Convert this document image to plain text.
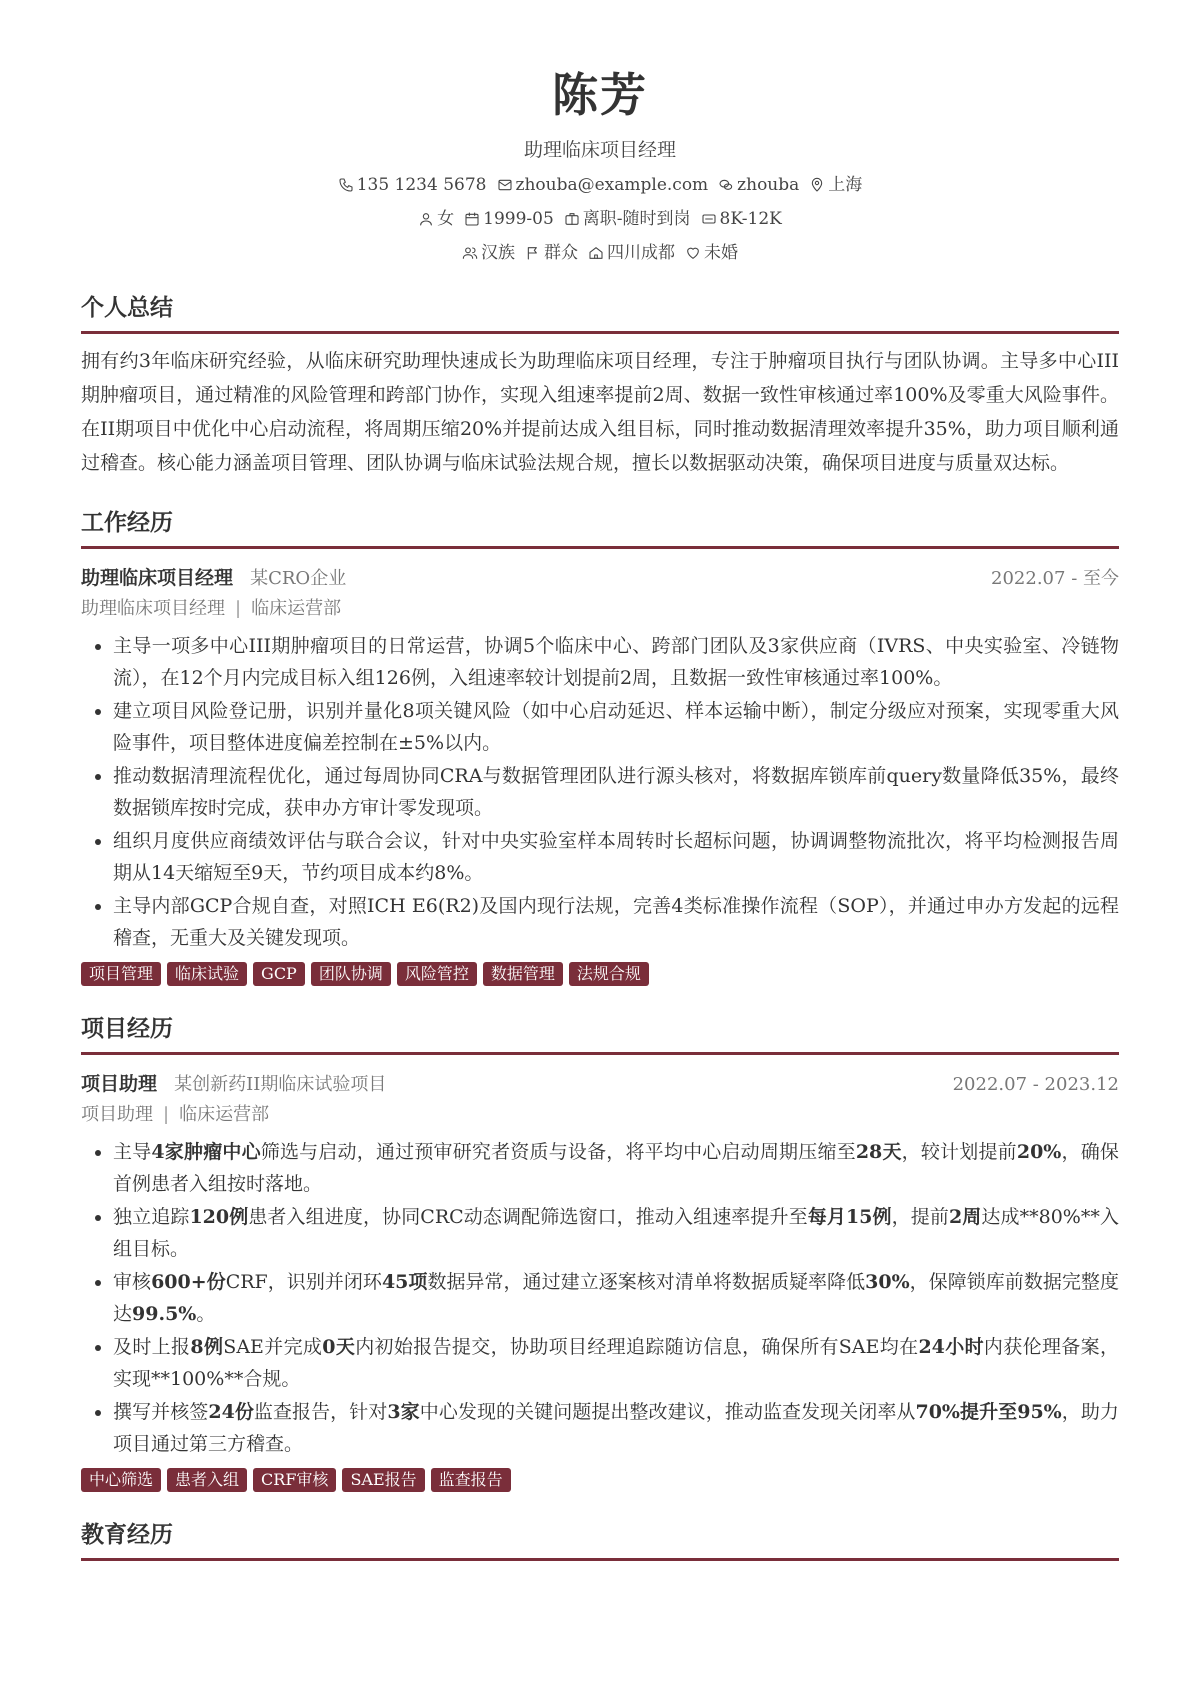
陈芳
助理临床项目经理
135 1234 5678 zhouba@example.com zhouba 上海
女 1999-05 离职-随时到岗 8K-12K
汉族 群众 四川成都 未婚
个人总结
拥有约3年临床研究经验，从临床研究助理快速成长为助理临床项目经理，专注于肿瘤项目执行与团队协调。主导多中心III期肿瘤项目，通过精准的风险管理和跨部门协作，实现入组速率提前2周、数据一致性审核通过率100%及零重大风险事件。在II期项目中优化中心启动流程，将周期压缩20%并提前达成入组目标，同时推动数据清理效率提升35%，助力项目顺利通过稽查。核心能力涵盖项目管理、团队协调与临床试验法规合规，擅长以数据驱动决策，确保项目进度与质量双达标。
工作经历
助理临床项目经理 某CRO企业	2022.07 - 至今
助理临床项目经理 | 临床运营部
• 主导一项多中心III期肿瘤项目的日常运营，协调5个临床中心、跨部门团队及3家供应商（IVRS、中央实验室、冷链物流），在12个月内完成目标入组126例，入组速率较计划提前2周，且数据一致性审核通过率100%。
• 建立项目风险登记册，识别并量化8项关键风险（如中心启动延迟、样本运输中断），制定分级应对预案，实现零重大风险事件，项目整体进度偏差控制在±5%以内。
• 推动数据清理流程优化，通过每周协同CRA与数据管理团队进行源头核对，将数据库锁库前query数量降低35%，最终数据锁库按时完成，获申办方审计零发现项。
• 组织月度供应商绩效评估与联合会议，针对中央实验室样本周转时长超标问题，协调调整物流批次，将平均检测报告周期从14天缩短至9天，节约项目成本约8%。
• 主导内部GCP合规自查，对照ICH E6(R2)及国内现行法规，完善4类标准操作流程（SOP），并通过申办方发起的远程稽查，无重大及关键发现项。
项目管理	临床试验	GCP	团队协调	风险管控	数据管理	法规合规
项目经历
项目助理 某创新药II期临床试验项目	2022.07 - 2023.12
项目助理 | 临床运营部
• 主导4家肿瘤中心筛选与启动，通过预审研究者资质与设备，将平均中心启动周期压缩至28天，较计划提前20%，确保首例患者入组按时落地。
• 独立追踪120例患者入组进度，协同CRC动态调配筛选窗口，推动入组速率提升至每月15例，提前2周达成**80%**入组目标。
• 审核600+份CRF，识别并闭环45项数据异常，通过建立逐案核对清单将数据质疑率降低30%，保障锁库前数据完整度达99.5%。
• 及时上报8例SAE并完成0天内初始报告提交，协助项目经理追踪随访信息，确保所有SAE均在24小时内获伦理备案，实现**100%**合规。
• 撰写并核签24份监查报告，针对3家中心发现的关键问题提出整改建议，推动监查发现关闭率从70%提升至95%，助力项目通过第三方稽查。
中心筛选	患者入组	CRF审核	SAE报告	监查报告
教育经历
